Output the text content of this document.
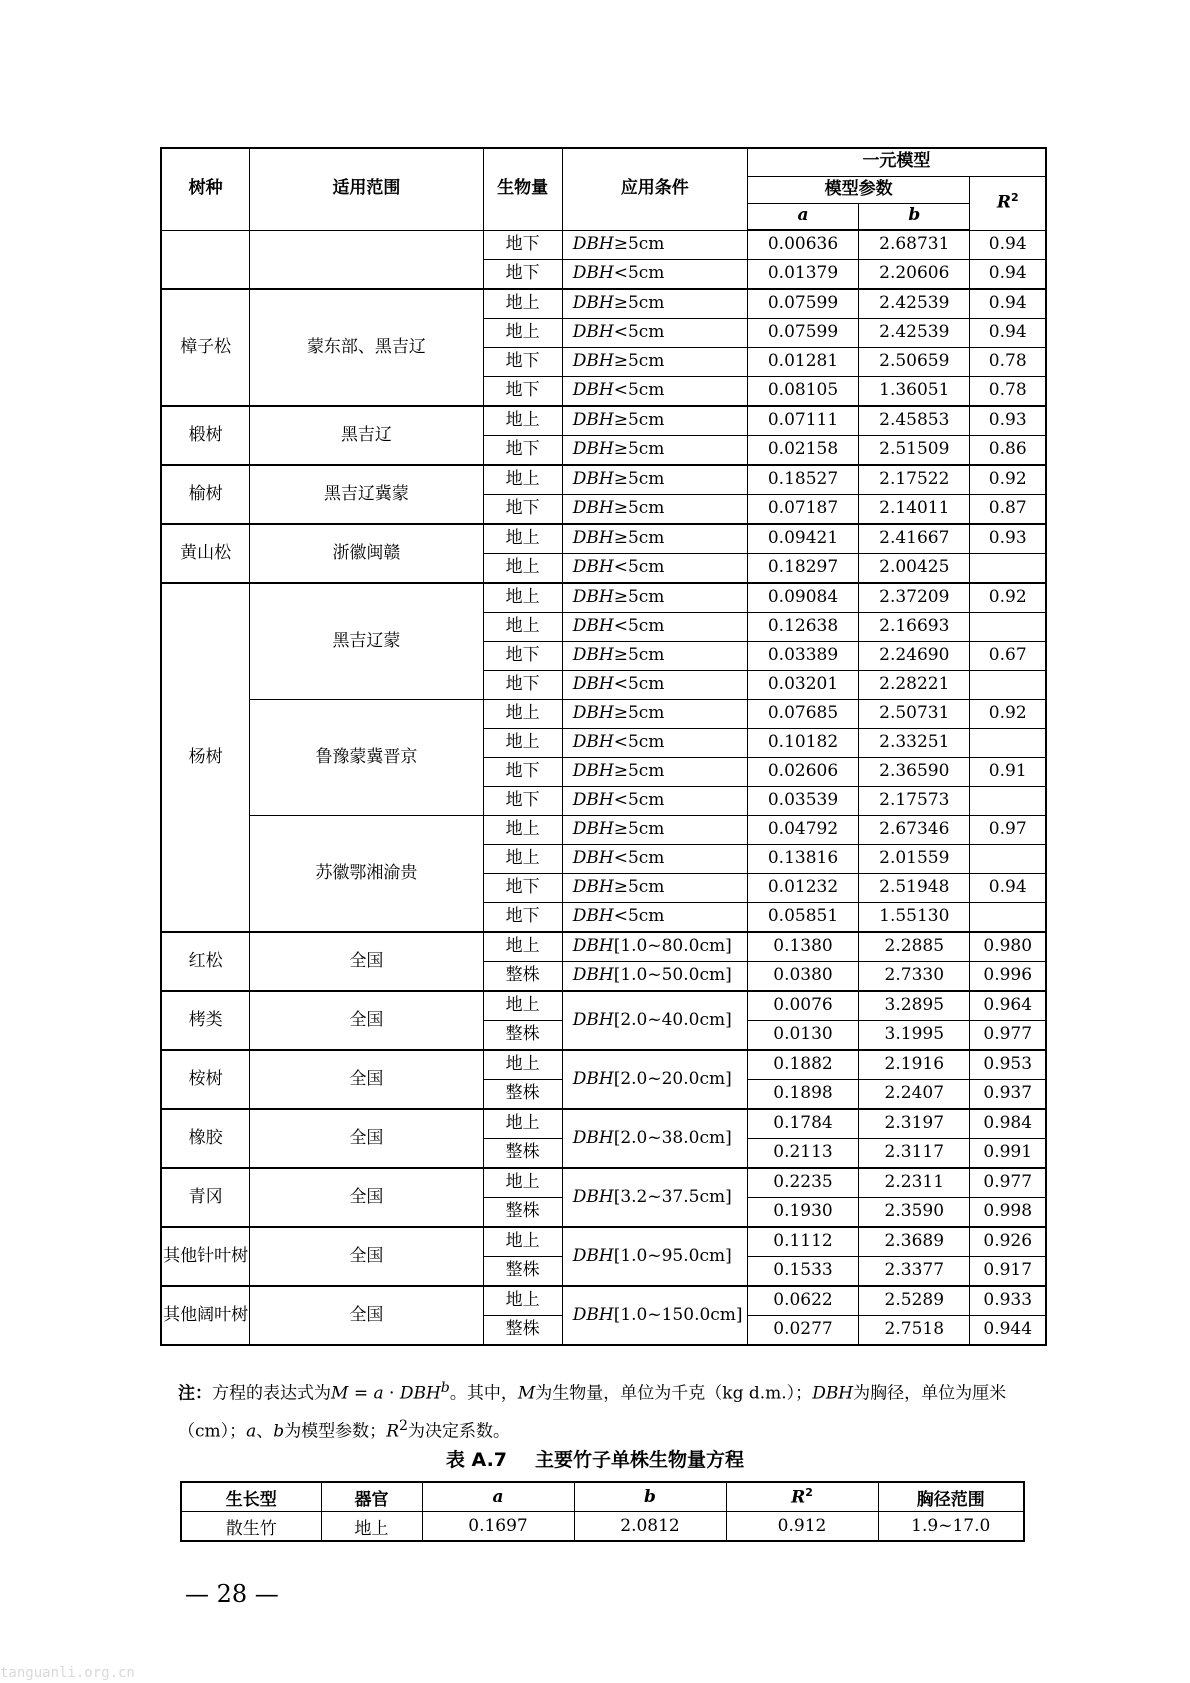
树种	适用范围	生物量	应用条件	一元模型		
				模型参数		$R^2$
				a	b	
		地下	DBH≥5cm	0.00636	2.68731	0.94
		地下	DBH<5cm	0.01379	2.20606	0.94
樟子松	蒙东部、黑吉辽	地上	DBH≥5cm	0.07599	2.42539	0.94
		地上	DBH<5cm	0.07599	2.42539	0.94
		地下	DBH≥5cm	0.01281	2.50659	0.78
		地下	DBH<5cm	0.08105	1.36051	0.78
椴树	黑吉辽	地上	DBH≥5cm	0.07111	2.45853	0.93
		地下	DBH≥5cm	0.02158	2.51509	0.86
榆树	黑吉辽冀蒙	地上	DBH≥5cm	0.18527	2.17522	0.92
		地下	DBH≥5cm	0.07187	2.14011	0.87
黄山松	浙徽闽赣	地上	DBH≥5cm	0.09421	2.41667	0.93
		地上	DBH<5cm	0.18297	2.00425	
杨树	黑吉辽蒙	地上	DBH≥5cm	0.09084	2.37209	0.92
		地上	DBH<5cm	0.12638	2.16693	
		地下	DBH≥5cm	0.03389	2.24690	0.67
		地下	DBH<5cm	0.03201	2.28221	
	鲁豫蒙冀晋京	地上	DBH≥5cm	0.07685	2.50731	0.92
		地上	DBH<5cm	0.10182	2.33251	
		地下	DBH≥5cm	0.02606	2.36590	0.91
		地下	DBH<5cm	0.03539	2.17573	
	苏徽鄂湘渝贵	地上	DBH≥5cm	0.04792	2.67346	0.97
		地上	DBH<5cm	0.13816	2.01559	
		地下	DBH≥5cm	0.01232	2.51948	0.94
		地下	DBH<5cm	0.05851	1.55130	
红松	全国	地上	DBH[1.0~80.0cm]	0.1380	2.2885	0.980
		整株	DBH[1.0~50.0cm]	0.0380	2.7330	0.996
栲类	全国	地上	DBH[2.0~40.0cm]	0.0076	3.2895	0.964
		整株		0.0130	3.1995	0.977
桉树	全国	地上	DBH[2.0~20.0cm]	0.1882	2.1916	0.953
		整株		0.1898	2.2407	0.937
橡胶	全国	地上	DBH[2.0~38.0cm]	0.1784	2.3197	0.984
		整株		0.2113	2.3117	0.991
青冈	全国	地上	DBH[3.2~37.5cm]	0.2235	2.2311	0.977
		整株		0.1930	2.3590	0.998
其他针叶树	全国	地上	DBH[1.0~95.0cm]	0.1112	2.3689	0.926
		整株		0.1533	2.3377	0.917
其他阔叶树	全国	地上	DBH[1.0~150.0cm]	0.0622	2.5289	0.933
		整株		0.0277	2.7518	0.944
注：方程的表达式为$M = a \cdot DBH^b$。其中，M为生物量，单位为千克（kg d.m.）；DBH为胸径，单位为厘米（cm）；a、b为模型参数；$R^2$为决定系数。
表 A.7 主要竹子单株生物量方程
生长型	器官	a	b	$R^2$	胸径范围
散生竹	地上	0.1697	2.0812	0.912	1.9~17.0
— 28 —
tanguanli.org.cn
